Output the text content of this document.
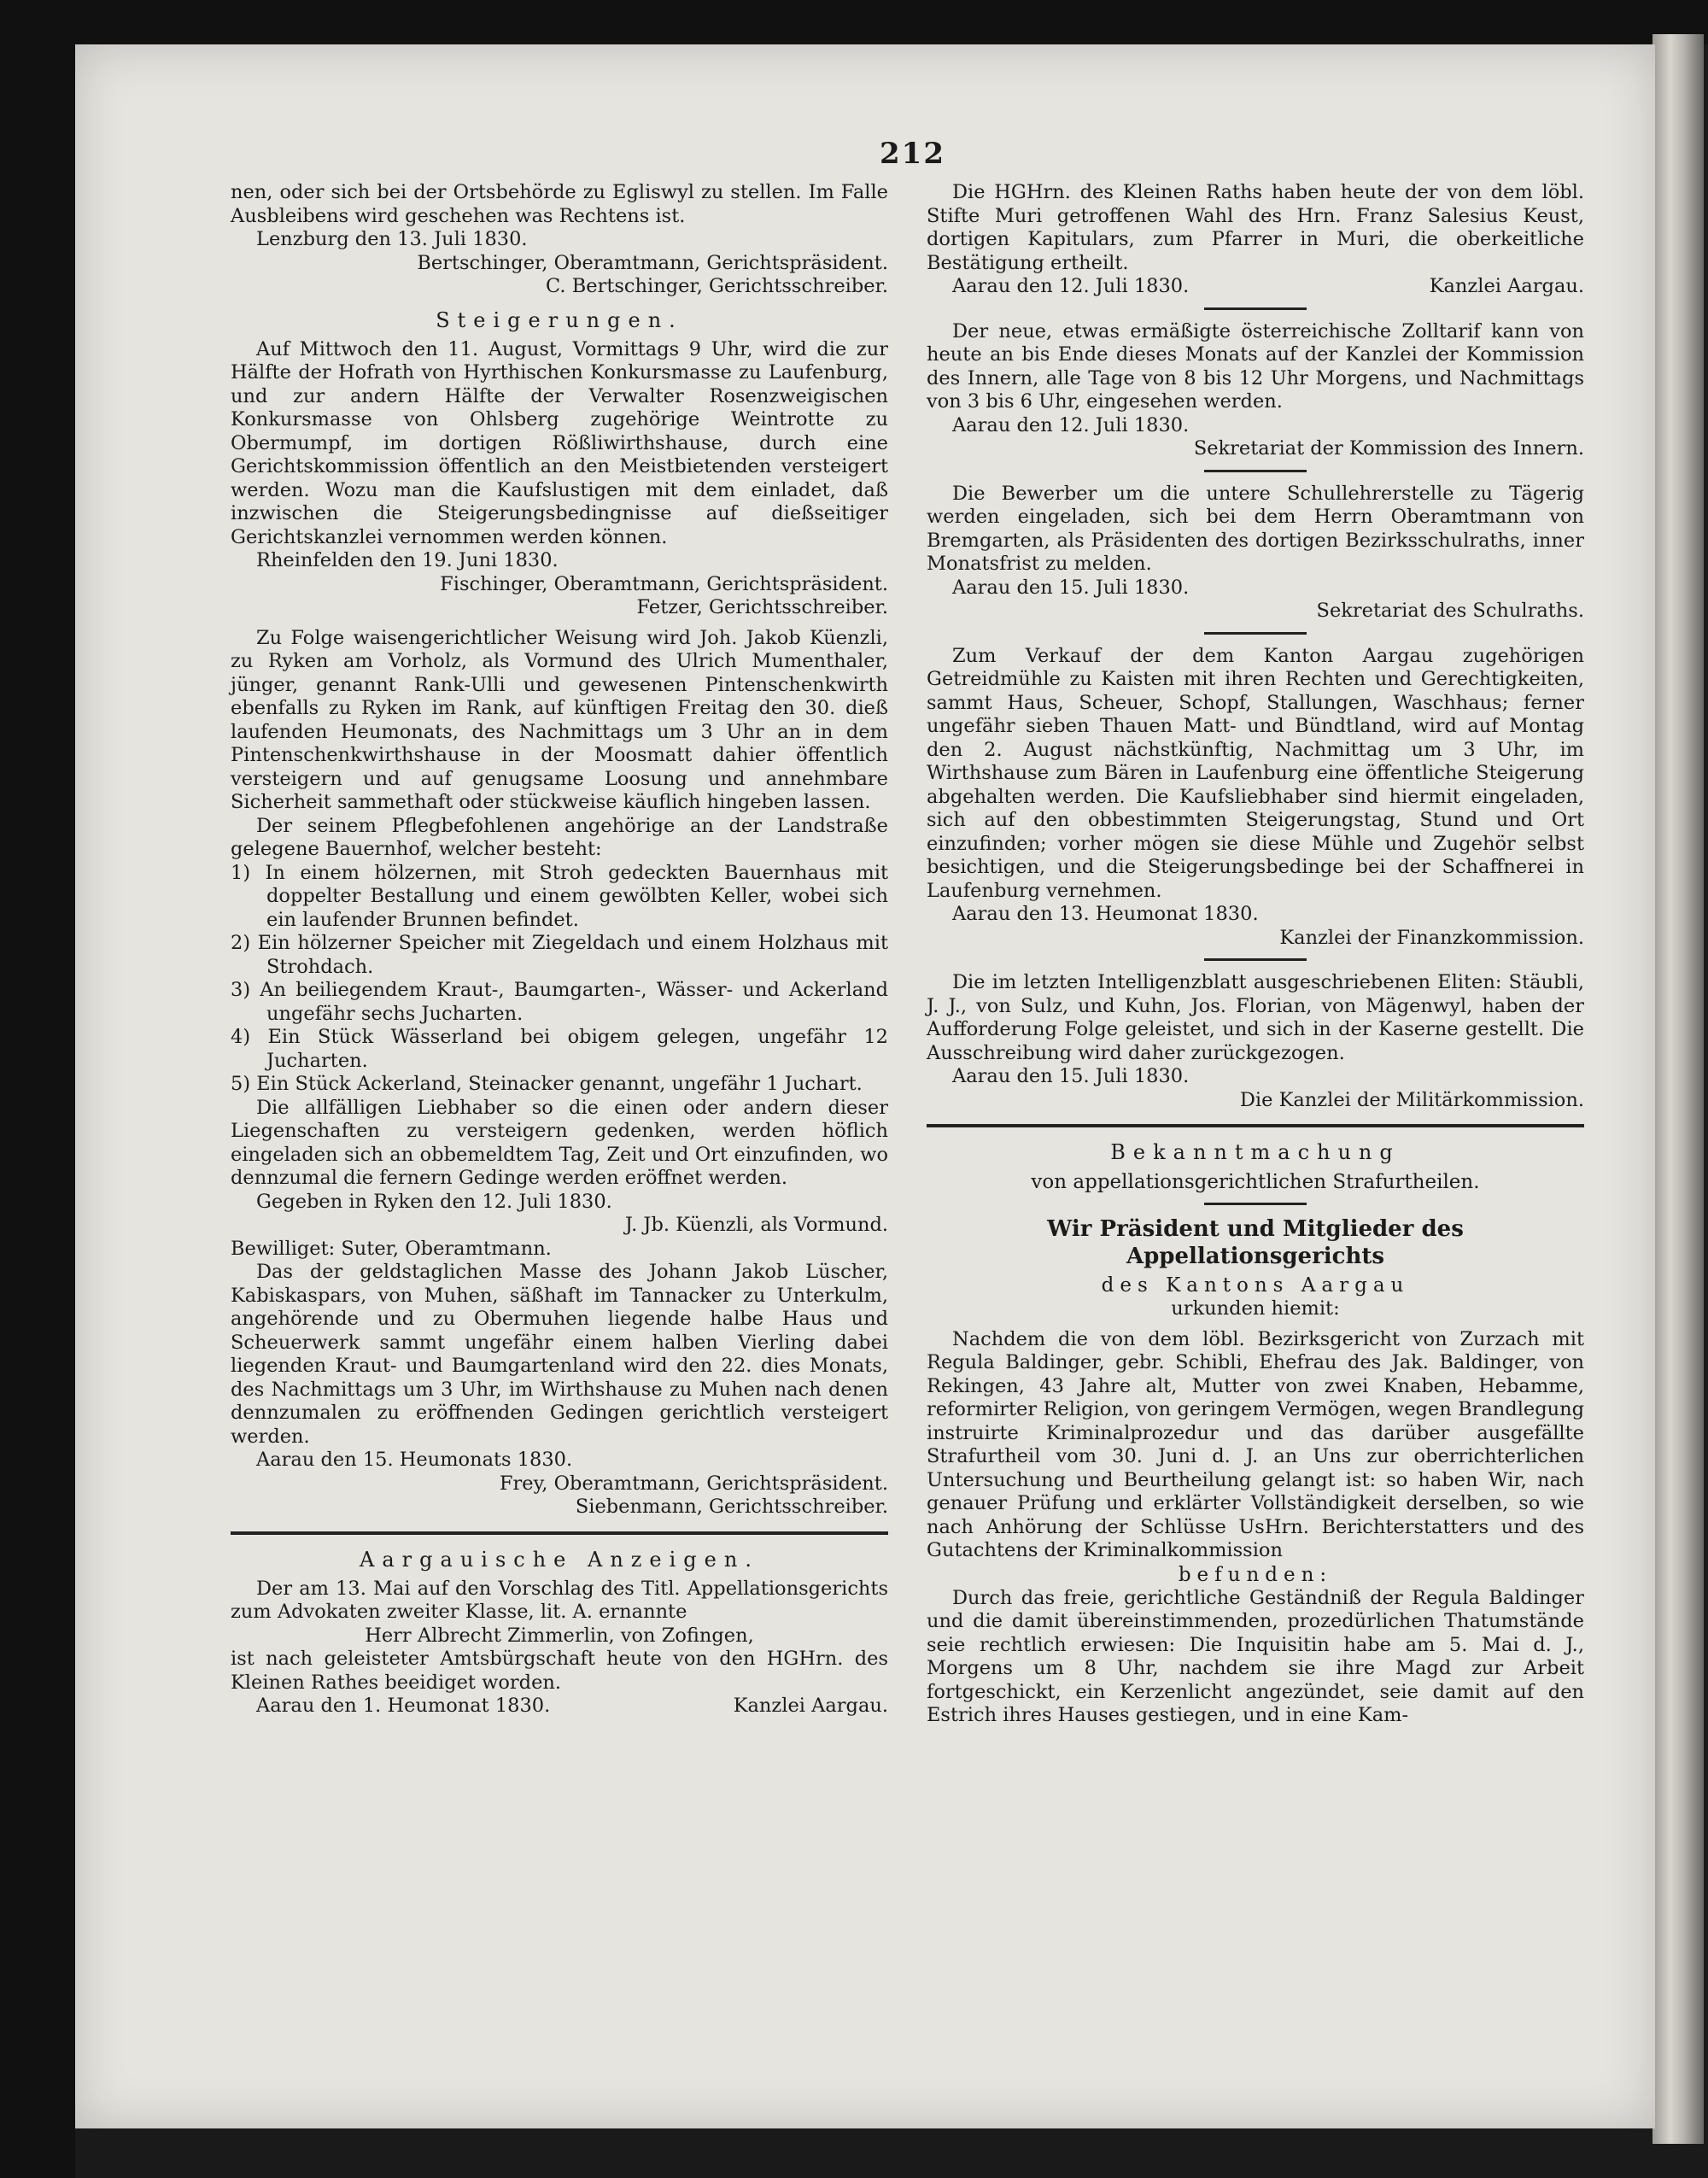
212

nen, oder sich bei der Ortsbehörde zu Egliswyl zu stellen. Im Falle Ausbleibens wird geschehen was Rechtens ist.

Lenzburg den 13. Juli 1830.

Bertschinger, Oberamtmann, Gerichtspräsident.

C. Bertschinger, Gerichtsschreiber.

Steigerungen.

Auf Mittwoch den 11. August, Vormittags 9 Uhr, wird die zur Hälfte der Hofrath von Hyrthischen Konkursmasse zu Laufenburg, und zur andern Hälfte der Verwalter Rosenzweigischen Konkursmasse von Ohlsberg zugehörige Weintrotte zu Obermumpf, im dortigen Rößliwirthshause, durch eine Gerichtskommission öffentlich an den Meistbietenden versteigert werden. Wozu man die Kaufslustigen mit dem einladet, daß inzwischen die Steigerungsbedingnisse auf dießseitiger Gerichtskanzlei vernommen werden können.

Rheinfelden den 19. Juni 1830.

Fischinger, Oberamtmann, Gerichtspräsident.

Fetzer, Gerichtsschreiber.

Zu Folge waisengerichtlicher Weisung wird Joh. Jakob Küenzli, zu Ryken am Vorholz, als Vormund des Ulrich Mumenthaler, jünger, genannt Rank-Ulli und gewesenen Pintenschenkwirth ebenfalls zu Ryken im Rank, auf künftigen Freitag den 30. dieß laufenden Heumonats, des Nachmittags um 3 Uhr an in dem Pintenschenkwirthshause in der Moosmatt dahier öffentlich versteigern und auf genugsame Loosung und annehmbare Sicherheit sammethaft oder stückweise käuflich hingeben lassen.

Der seinem Pflegbefohlenen angehörige an der Landstraße gelegene Bauernhof, welcher besteht:

1) In einem hölzernen, mit Stroh gedeckten Bauernhaus mit doppelter Bestallung und einem gewölbten Keller, wobei sich ein laufender Brunnen befindet.

2) Ein hölzerner Speicher mit Ziegeldach und einem Holzhaus mit Strohdach.

3) An beiliegendem Kraut-, Baumgarten-, Wässer- und Ackerland ungefähr sechs Jucharten.

4) Ein Stück Wässerland bei obigem gelegen, ungefähr 12 Jucharten.

5) Ein Stück Ackerland, Steinacker genannt, ungefähr 1 Juchart.

Die allfälligen Liebhaber so die einen oder andern dieser Liegenschaften zu versteigern gedenken, werden höflich eingeladen sich an obbemeldtem Tag, Zeit und Ort einzufinden, wo dennzumal die fernern Gedinge werden eröffnet werden.

Gegeben in Ryken den 12. Juli 1830.

J. Jb. Küenzli, als Vormund.

Bewilliget: Suter, Oberamtmann.

Das der geldstaglichen Masse des Johann Jakob Lüscher, Kabiskaspars, von Muhen, säßhaft im Tannacker zu Unterkulm, angehörende und zu Obermuhen liegende halbe Haus und Scheuerwerk sammt ungefähr einem halben Vierling dabei liegenden Kraut- und Baumgartenland wird den 22. dies Monats, des Nachmittags um 3 Uhr, im Wirthshause zu Muhen nach denen dennzumalen zu eröffnenden Gedingen gerichtlich versteigert werden.

Aarau den 15. Heumonats 1830.

Frey, Oberamtmann, Gerichtspräsident.

Siebenmann, Gerichtsschreiber.

Aargauische Anzeigen.

Der am 13. Mai auf den Vorschlag des Titl. Appellationsgerichts zum Advokaten zweiter Klasse, lit. A. ernannte

Herr Albrecht Zimmerlin, von Zofingen,

ist nach geleisteter Amtsbürgschaft heute von den HGHrn. des Kleinen Rathes beeidiget worden.

Aarau den 1. Heumonat 1830.	Kanzlei Aargau.

Die HGHrn. des Kleinen Raths haben heute der von dem löbl. Stifte Muri getroffenen Wahl des Hrn. Franz Salesius Keust, dortigen Kapitulars, zum Pfarrer in Muri, die oberkeitliche Bestätigung ertheilt.

Aarau den 12. Juli 1830.	Kanzlei Aargau.

Der neue, etwas ermäßigte österreichische Zolltarif kann von heute an bis Ende dieses Monats auf der Kanzlei der Kommission des Innern, alle Tage von 8 bis 12 Uhr Morgens, und Nachmittags von 3 bis 6 Uhr, eingesehen werden.

Aarau den 12. Juli 1830.

Sekretariat der Kommission des Innern.

Die Bewerber um die untere Schullehrerstelle zu Tägerig werden eingeladen, sich bei dem Herrn Oberamtmann von Bremgarten, als Präsidenten des dortigen Bezirksschulraths, inner Monatsfrist zu melden.

Aarau den 15. Juli 1830.

Sekretariat des Schulraths.

Zum Verkauf der dem Kanton Aargau zugehörigen Getreidmühle zu Kaisten mit ihren Rechten und Gerechtigkeiten, sammt Haus, Scheuer, Schopf, Stallungen, Waschhaus; ferner ungefähr sieben Thauen Matt- und Bündtland, wird auf Montag den 2. August nächstkünftig, Nachmittag um 3 Uhr, im Wirthshause zum Bären in Laufenburg eine öffentliche Steigerung abgehalten werden. Die Kaufsliebhaber sind hiermit eingeladen, sich auf den obbestimmten Steigerungstag, Stund und Ort einzufinden; vorher mögen sie diese Mühle und Zugehör selbst besichtigen, und die Steigerungsbedinge bei der Schaffnerei in Laufenburg vernehmen.

Aarau den 13. Heumonat 1830.

Kanzlei der Finanzkommission.

Die im letzten Intelligenzblatt ausgeschriebenen Eliten: Stäubli, J. J., von Sulz, und Kuhn, Jos. Florian, von Mägenwyl, haben der Aufforderung Folge geleistet, und sich in der Kaserne gestellt. Die Ausschreibung wird daher zurückgezogen.

Aarau den 15. Juli 1830.

Die Kanzlei der Militärkommission.

Bekanntmachung

von appellationsgerichtlichen Strafurtheilen.

Wir Präsident und Mitglieder des Appellationsgerichts

des Kantons Aargau

urkunden hiemit:

Nachdem die von dem löbl. Bezirksgericht von Zurzach mit Regula Baldinger, gebr. Schibli, Ehefrau des Jak. Baldinger, von Rekingen, 43 Jahre alt, Mutter von zwei Knaben, Hebamme, reformirter Religion, von geringem Vermögen, wegen Brandlegung instruirte Kriminalprozedur und das darüber ausgefällte Strafurtheil vom 30. Juni d. J. an Uns zur oberrichterlichen Untersuchung und Beurtheilung gelangt ist: so haben Wir, nach genauer Prüfung und erklärter Vollständigkeit derselben, so wie nach Anhörung der Schlüsse UsHrn. Berichterstatters und des Gutachtens der Kriminalkommission

befunden:

Durch das freie, gerichtliche Geständniß der Regula Baldinger und die damit übereinstimmenden, prozedürlichen Thatumstände seie rechtlich erwiesen: Die Inquisitin habe am 5. Mai d. J., Morgens um 8 Uhr, nachdem sie ihre Magd zur Arbeit fortgeschickt, ein Kerzenlicht angezündet, seie damit auf den Estrich ihres Hauses gestiegen, und in eine Kam-
